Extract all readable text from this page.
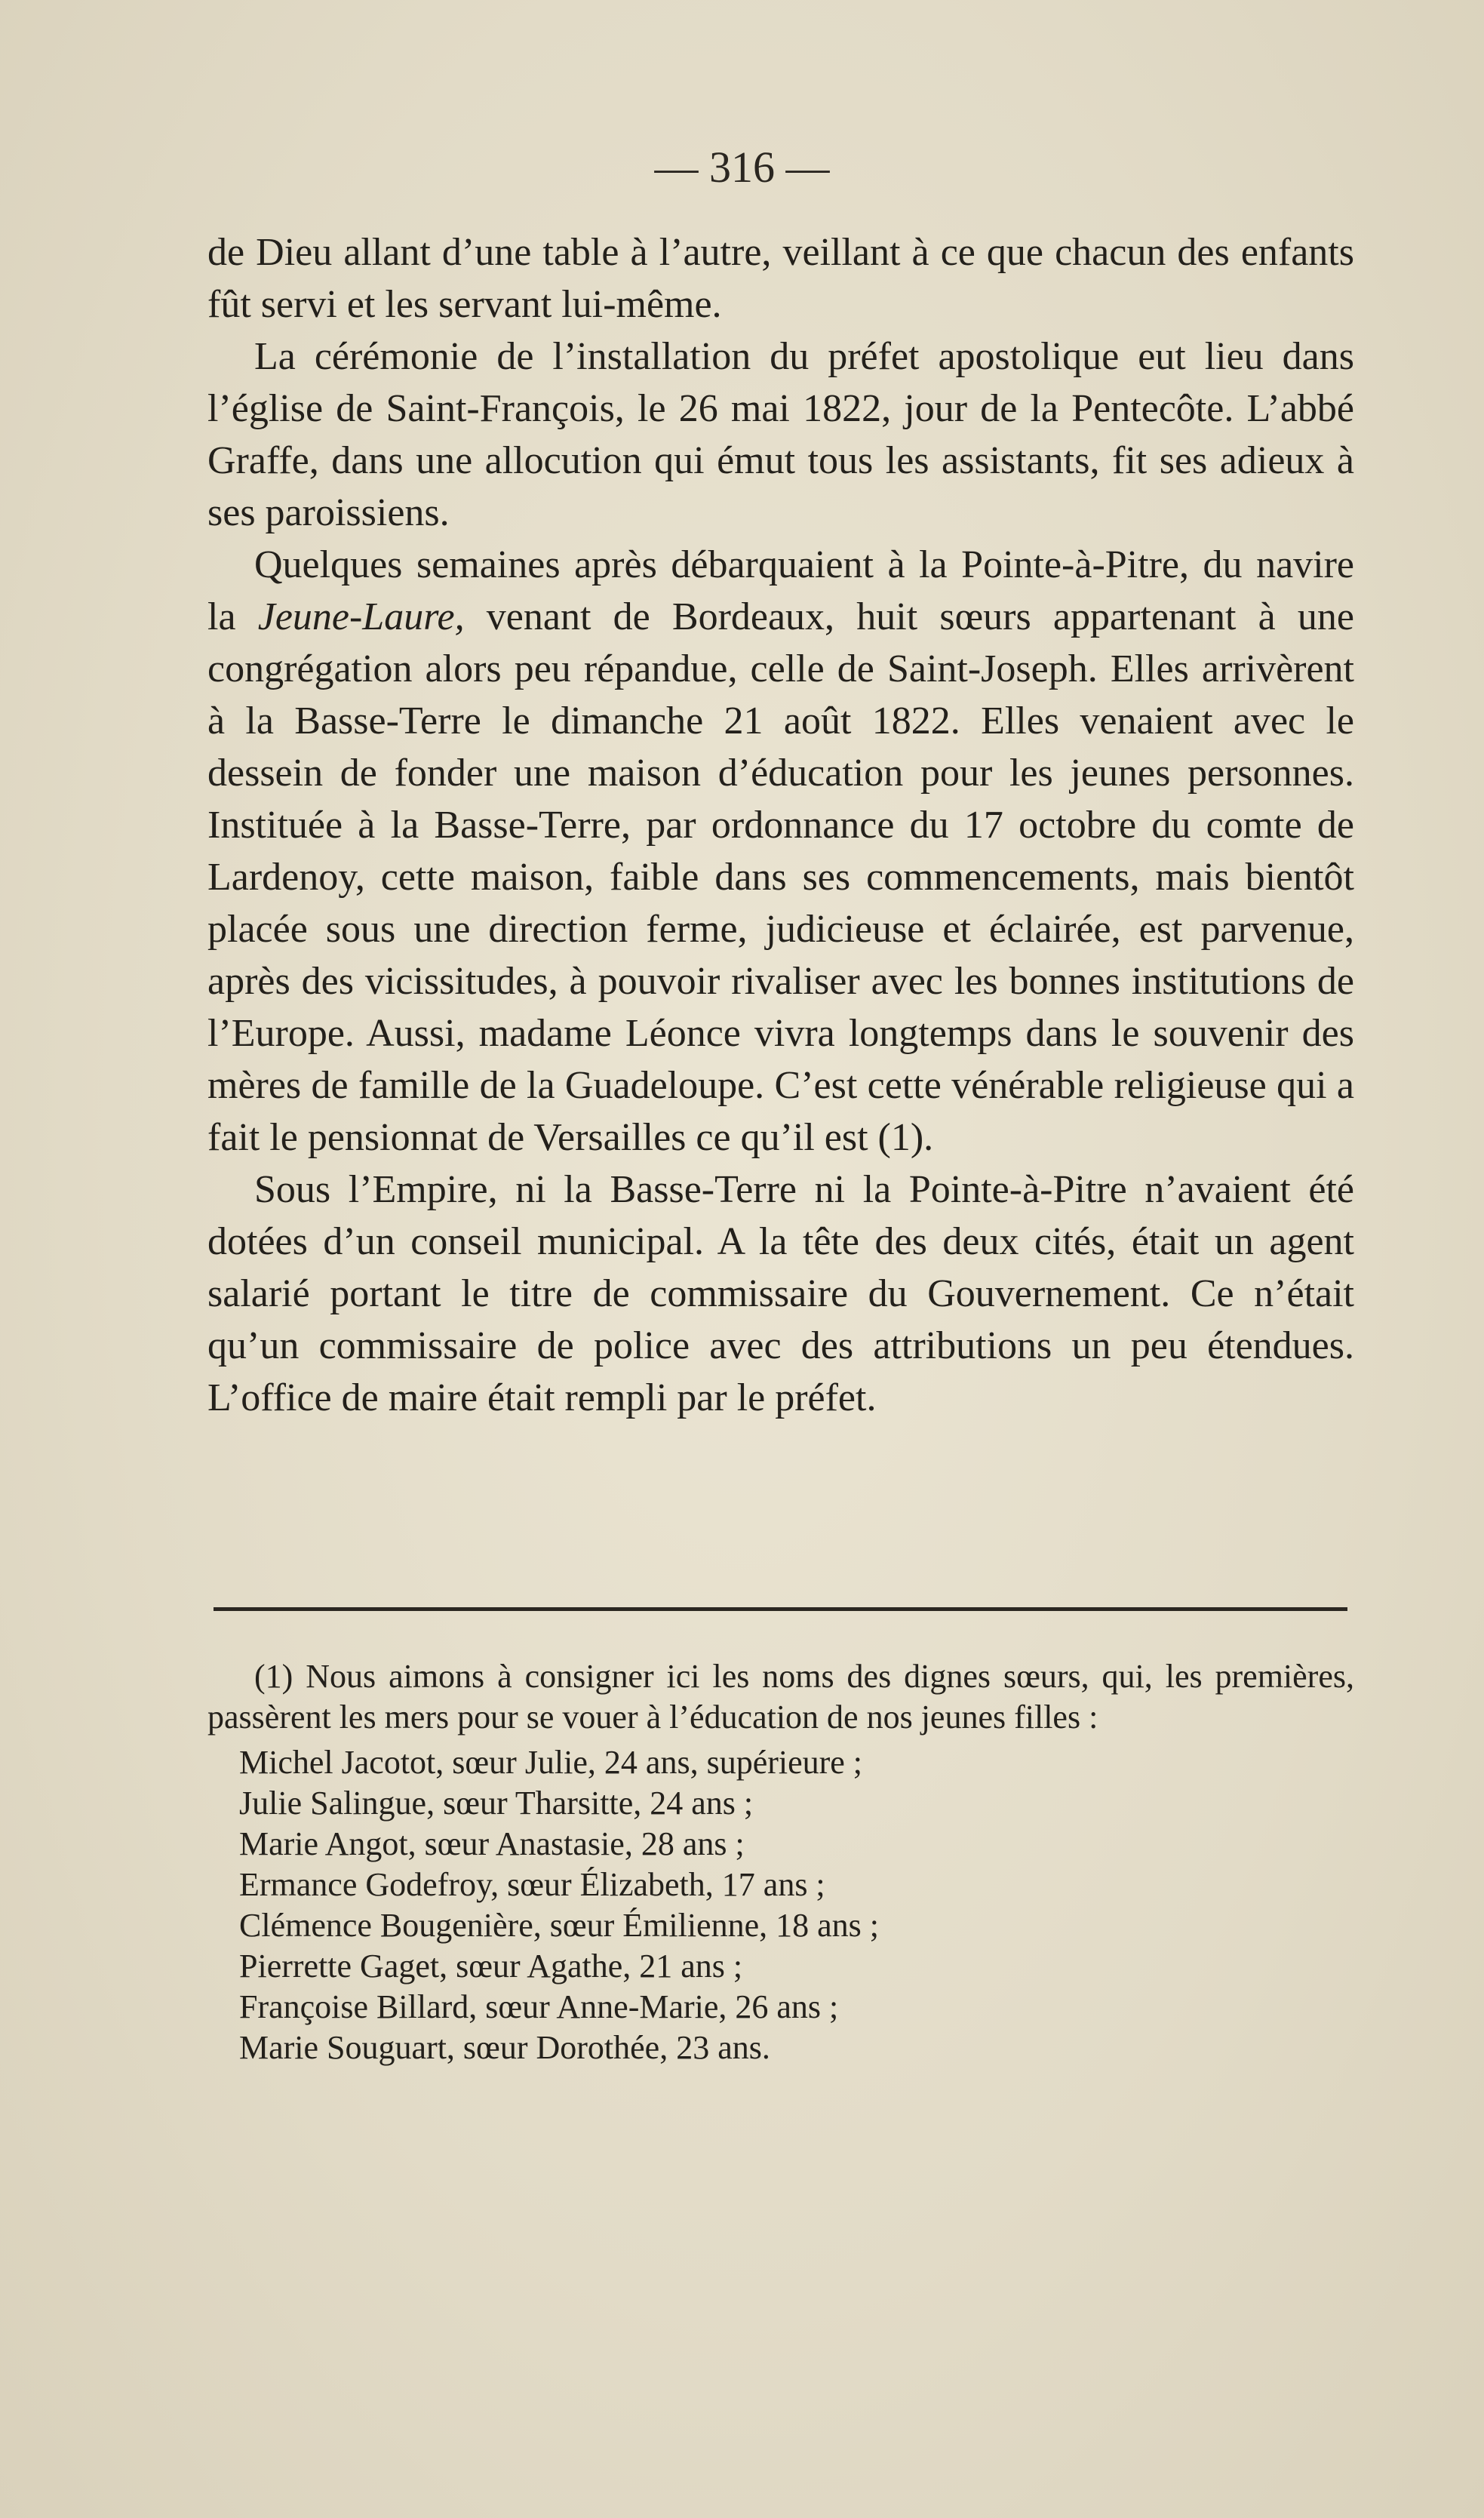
— 316 —

de Dieu allant d’une table à l’autre, veillant à ce que chacun des enfants fût servi et les servant lui-même.

La cérémonie de l’installation du préfet apostolique eut lieu dans l’église de Saint-François, le 26 mai 1822, jour de la Pentecôte. L’abbé Graffe, dans une allocution qui émut tous les assistants, fit ses adieux à ses paroissiens.

Quelques semaines après débarquaient à la Pointe-à-Pitre, du navire la Jeune-Laure, venant de Bordeaux, huit sœurs appartenant à une congrégation alors peu répandue, celle de Saint-Joseph. Elles arrivèrent à la Basse-Terre le dimanche 21 août 1822. Elles venaient avec le dessein de fonder une maison d’éducation pour les jeunes personnes. Instituée à la Basse-Terre, par ordonnance du 17 octobre du comte de Lardenoy, cette maison, faible dans ses commencements, mais bientôt placée sous une direction ferme, judicieuse et éclairée, est parvenue, après des vicissitudes, à pouvoir rivaliser avec les bonnes institutions de l’Europe. Aussi, madame Léonce vivra longtemps dans le souvenir des mères de famille de la Guadeloupe. C’est cette vénérable religieuse qui a fait le pensionnat de Versailles ce qu’il est (1).

Sous l’Empire, ni la Basse-Terre ni la Pointe-à-Pitre n’avaient été dotées d’un conseil municipal. A la tête des deux cités, était un agent salarié portant le titre de commissaire du Gouvernement. Ce n’était qu’un commissaire de police avec des attributions un peu étendues. L’office de maire était rempli par le préfet.

(1) Nous aimons à consigner ici les noms des dignes sœurs, qui, les premières, passèrent les mers pour se vouer à l’éducation de nos jeunes filles :

Michel Jacotot, sœur Julie, 24 ans, supérieure ;
Julie Salingue, sœur Tharsitte, 24 ans ;
Marie Angot, sœur Anastasie, 28 ans ;
Ermance Godefroy, sœur Élizabeth, 17 ans ;
Clémence Bougenière, sœur Émilienne, 18 ans ;
Pierrette Gaget, sœur Agathe, 21 ans ;
Françoise Billard, sœur Anne-Marie, 26 ans ;
Marie Souguart, sœur Dorothée, 23 ans.
